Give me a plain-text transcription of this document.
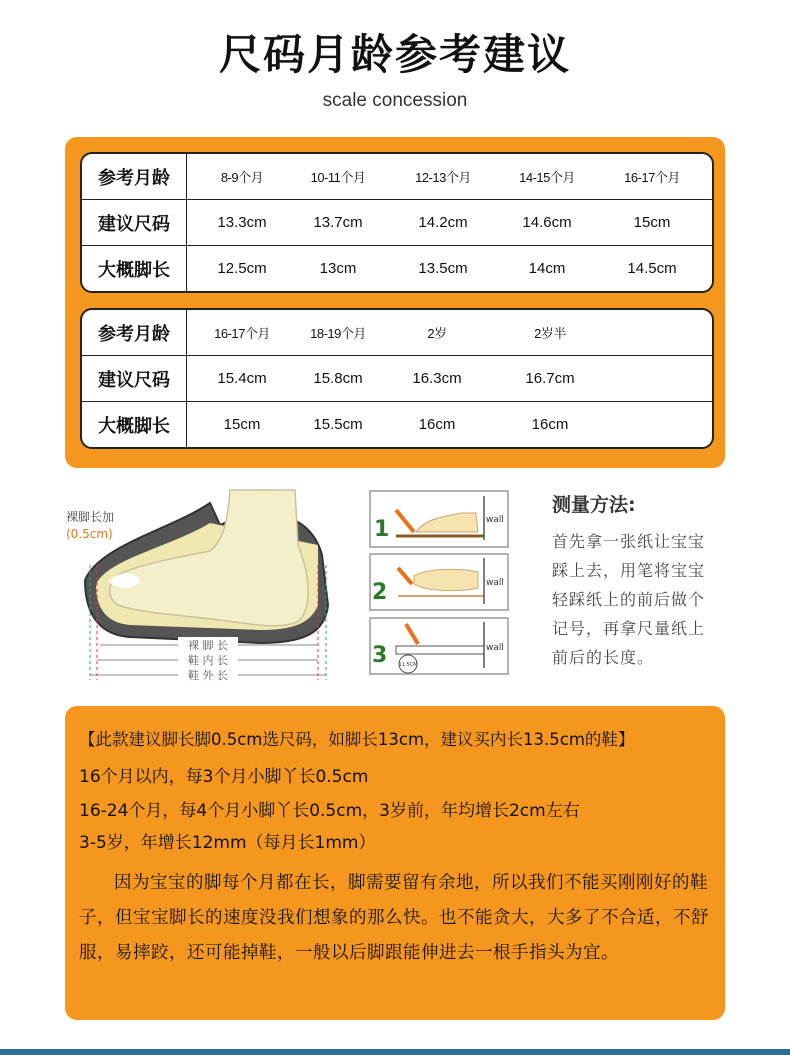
尺码月龄参考建议
scale concession
参考月龄	8-9个月	10-11个月	12-13个月	14-15个月	16-17个月
建议尺码	13.3cm	13.7cm	14.2cm	14.6cm	15cm
大概脚长	12.5cm	13cm	13.5cm	14cm	14.5cm
参考月龄	16-17个月	18-19个月	2岁	2岁半
建议尺码	15.4cm	15.8cm	16.3cm	16.7cm
大概脚长	15cm	15.5cm	16cm	16cm
裸脚长加
(0.5cm)
裸 脚 长
鞋 内 长
鞋 外 长
1	wall
2	wall
3 11.5CM
wall
测量方法:
首先拿一张纸让宝宝
踩上去，用笔将宝宝
轻踩纸上的前后做个
记号，再拿尺量纸上
前后的长度。
【此款建议脚长脚0.5cm选尺码，如脚长13cm，建议买内长13.5cm的鞋】
16个月以内，每3个月小脚丫长0.5cm
16-24个月，每4个月小脚丫长0.5cm，3岁前，年均增长2cm左右
3-5岁，年增长12mm（每月长1mm）
因为宝宝的脚每个月都在长，脚需要留有余地，所以我们不能买刚刚好的鞋子，但宝宝脚长的速度没我们想象的那么快。也不能贪大，大多了不合适，不舒服，易摔跤，还可能掉鞋，一般以后脚跟能伸进去一根手指头为宜。
